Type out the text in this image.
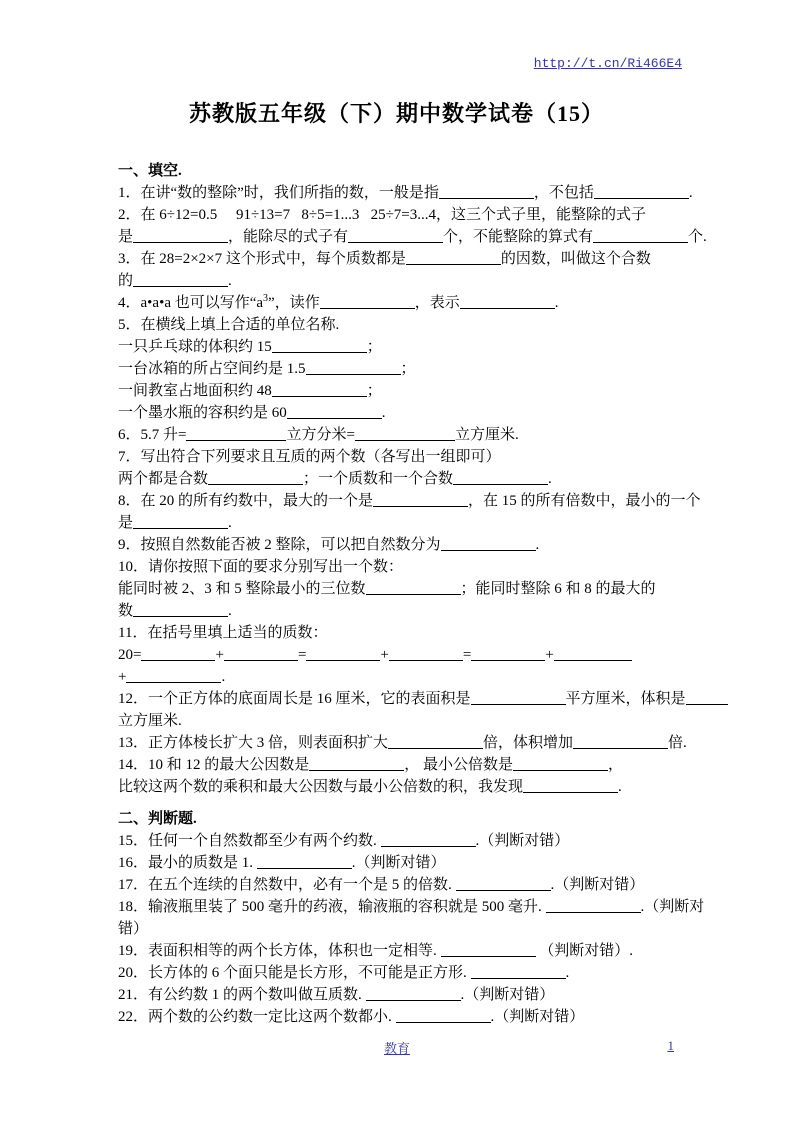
http://t.cn/Ri466E4
苏教版五年级（下）期中数学试卷（15）
一、填空.
1．在讲“数的整除”时，我们所指的数，一般是指	，不包括	.
2．在 6÷12=0.5     91÷13=7   8÷5=1...3   25÷7=3...4，这三个式子里，能整除的式子
是	，能除尽的式子有	个，不能整除的算式有	个.
3．在 28=2×2×7 这个形式中，每个质数都是	的因数，叫做这个合数
的	.
4．a•a•a 也可以写作“$a^3$”，读作	，表示	.
5．在横线上填上合适的单位名称.
一只乒乓球的体积约 15	；
一台冰箱的所占空间约是 1.5	；
一间教室占地面积约 48	；
一个墨水瓶的容积约是 60	.
6．5.7 升=	立方分米=	立方厘米.
7．写出符合下列要求且互质的两个数（各写出一组即可）
两个都是合数	；一个质数和一个合数	.
8．在 20 的所有约数中，最大的一个是	，在 15 的所有倍数中，最小的一个
是	.
9．按照自然数能否被 2 整除，可以把自然数分为	.
10．请你按照下面的要求分别写出一个数：
能同时被 2、3 和 5 整除最小的三位数	；能同时整除 6 和 8 的最大的
数	.
11．在括号里填上适当的质数：
20=	+	=	+	=	+
+	.
12．一个正方体的底面周长是 16 厘米，它的表面积是	平方厘米，体积是
立方厘米.
13．正方体棱长扩大 3 倍，则表面积扩大	倍，体积增加	倍.
14．10 和 12 的最大公因数是	， 最小公倍数是	，
比较这两个数的乘积和最大公因数与最小公倍数的积，我发现	.
二、判断题.
15．任何一个自然数都至少有两个约数.	.（判断对错）
16．最小的质数是 1.	.（判断对错）
17．在五个连续的自然数中，必有一个是 5 的倍数.	.（判断对错）
18．输液瓶里装了 500 毫升的药液，输液瓶的容积就是 500 毫升.	.（判断对
错）
19．表面积相等的两个长方体，体积也一定相等.	（判断对错）.
20．长方体的 6 个面只能是长方形，不可能是正方形.	.
21．有公约数 1 的两个数叫做互质数.	.（判断对错）
22．两个数的公约数一定比这两个数都小.	.（判断对错）
教育	1
